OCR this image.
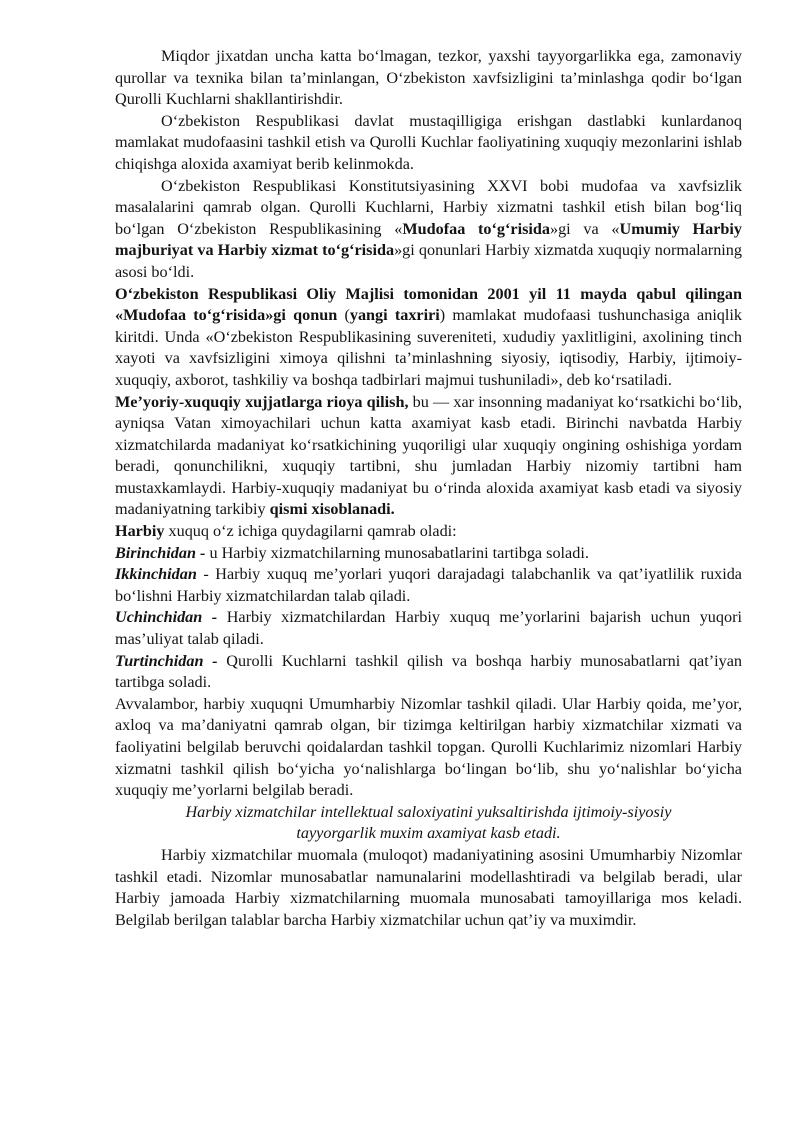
Miqdor jixatdan uncha katta bo‘lmagan, tezkor, yaxshi tayyorgarlikka ega, zamonaviy qurollar va texnika bilan ta’minlangan, O‘zbekiston xavfsizligini ta’minlashga qodir bo‘lgan Qurolli Kuchlarni shakllantirishdir.

O‘zbekiston Respublikasi davlat mustaqilligiga erishgan dastlabki kunlardanoq mamlakat mudofaasini tashkil etish va Qurolli Kuchlar faoliyatining xuquqiy mezonlarini ishlab chiqishga aloxida axamiyat berib kelinmokda.

O‘zbekiston Respublikasi Konstitutsiyasining XXVI bobi mudofaa va xavfsizlik masalalarini qamrab olgan. Qurolli Kuchlarni, Harbiy xizmatni tashkil etish bilan bog‘liq bo‘lgan O‘zbekiston Respublikasining «Mudofaa to‘g‘risida»gi va «Umumiy Harbiy majburiyat va Harbiy xizmat to‘g‘risida»gi qonunlari Harbiy xizmatda xuquqiy normalarning asosi bo‘ldi.

O‘zbekiston Respublikasi Oliy Majlisi tomonidan 2001 yil 11 mayda qabul qilingan «Mudofaa to‘g‘risida»gi qonun (yangi taxriri) mamlakat mudofaasi tushunchasiga aniqlik kiritdi. Unda «O‘zbekiston Respublikasining suvereniteti, xududiy yaxlitligini, axolining tinch xayoti va xavfsizligini ximoya qilishni ta’minlashning siyosiy, iqtisodiy, Harbiy, ijtimoiy-xuquqiy, axborot, tashkiliy va boshqa tadbirlari majmui tushuniladi», deb ko‘rsatiladi.

Me’yoriy-xuquqiy xujjatlarga rioya qilish, bu — xar insonning madaniyat ko‘rsatkichi bo‘lib, ayniqsa Vatan ximoyachilari uchun katta axamiyat kasb etadi. Birinchi navbatda Harbiy xizmatchilarda madaniyat ko‘rsatkichining yuqoriligi ular xuquqiy ongining oshishiga yordam beradi, qonunchilikni, xuquqiy tartibni, shu jumladan Harbiy nizomiy tartibni ham mustaxkamlaydi. Harbiy-xuquqiy madaniyat bu o‘rinda aloxida axamiyat kasb etadi va siyosiy madaniyatning tarkibiy qismi xisoblanadi.

Harbiy xuquq o‘z ichiga quydagilarni qamrab oladi:

Birinchidan - u Harbiy xizmatchilarning munosabatlarini tartibga soladi.

Ikkinchidan - Harbiy xuquq me’yorlari yuqori darajadagi talabchanlik va qat’iyatlilik ruxida bo‘lishni Harbiy xizmatchilardan talab qiladi.

Uchinchidan - Harbiy xizmatchilardan Harbiy xuquq me’yorlarini bajarish uchun yuqori mas’uliyat talab qiladi.

Turtinchidan - Qurolli Kuchlarni tashkil qilish va boshqa harbiy munosabatlarni qat’iyan tartibga soladi.

Avvalambor, harbiy xuquqni Umumharbiy Nizomlar tashkil qiladi. Ular Harbiy qoida, me’yor, axloq va ma’daniyatni qamrab olgan, bir tizimga keltirilgan harbiy xizmatchilar xizmati va faoliyatini belgilab beruvchi qoidalardan tashkil topgan. Qurolli Kuchlarimiz nizomlari Harbiy xizmatni tashkil qilish bo‘yicha yo‘nalishlarga bo‘lingan bo‘lib, shu yo‘nalishlar bo‘yicha xuquqiy me’yorlarni belgilab beradi.

Harbiy xizmatchilar intellektual saloxiyatini yuksaltirishda ijtimoiy-siyosiy
tayyorgarlik muxim axamiyat kasb etadi.

Harbiy xizmatchilar muomala (muloqot) madaniyatining asosini Umumharbiy Nizomlar tashkil etadi. Nizomlar munosabatlar namunalarini modellashtiradi va belgilab beradi, ular Harbiy jamoada Harbiy xizmatchilarning muomala munosabati tamoyillariga mos keladi. Belgilab berilgan talablar barcha Harbiy xizmatchilar uchun qat’iy va muximdir.
